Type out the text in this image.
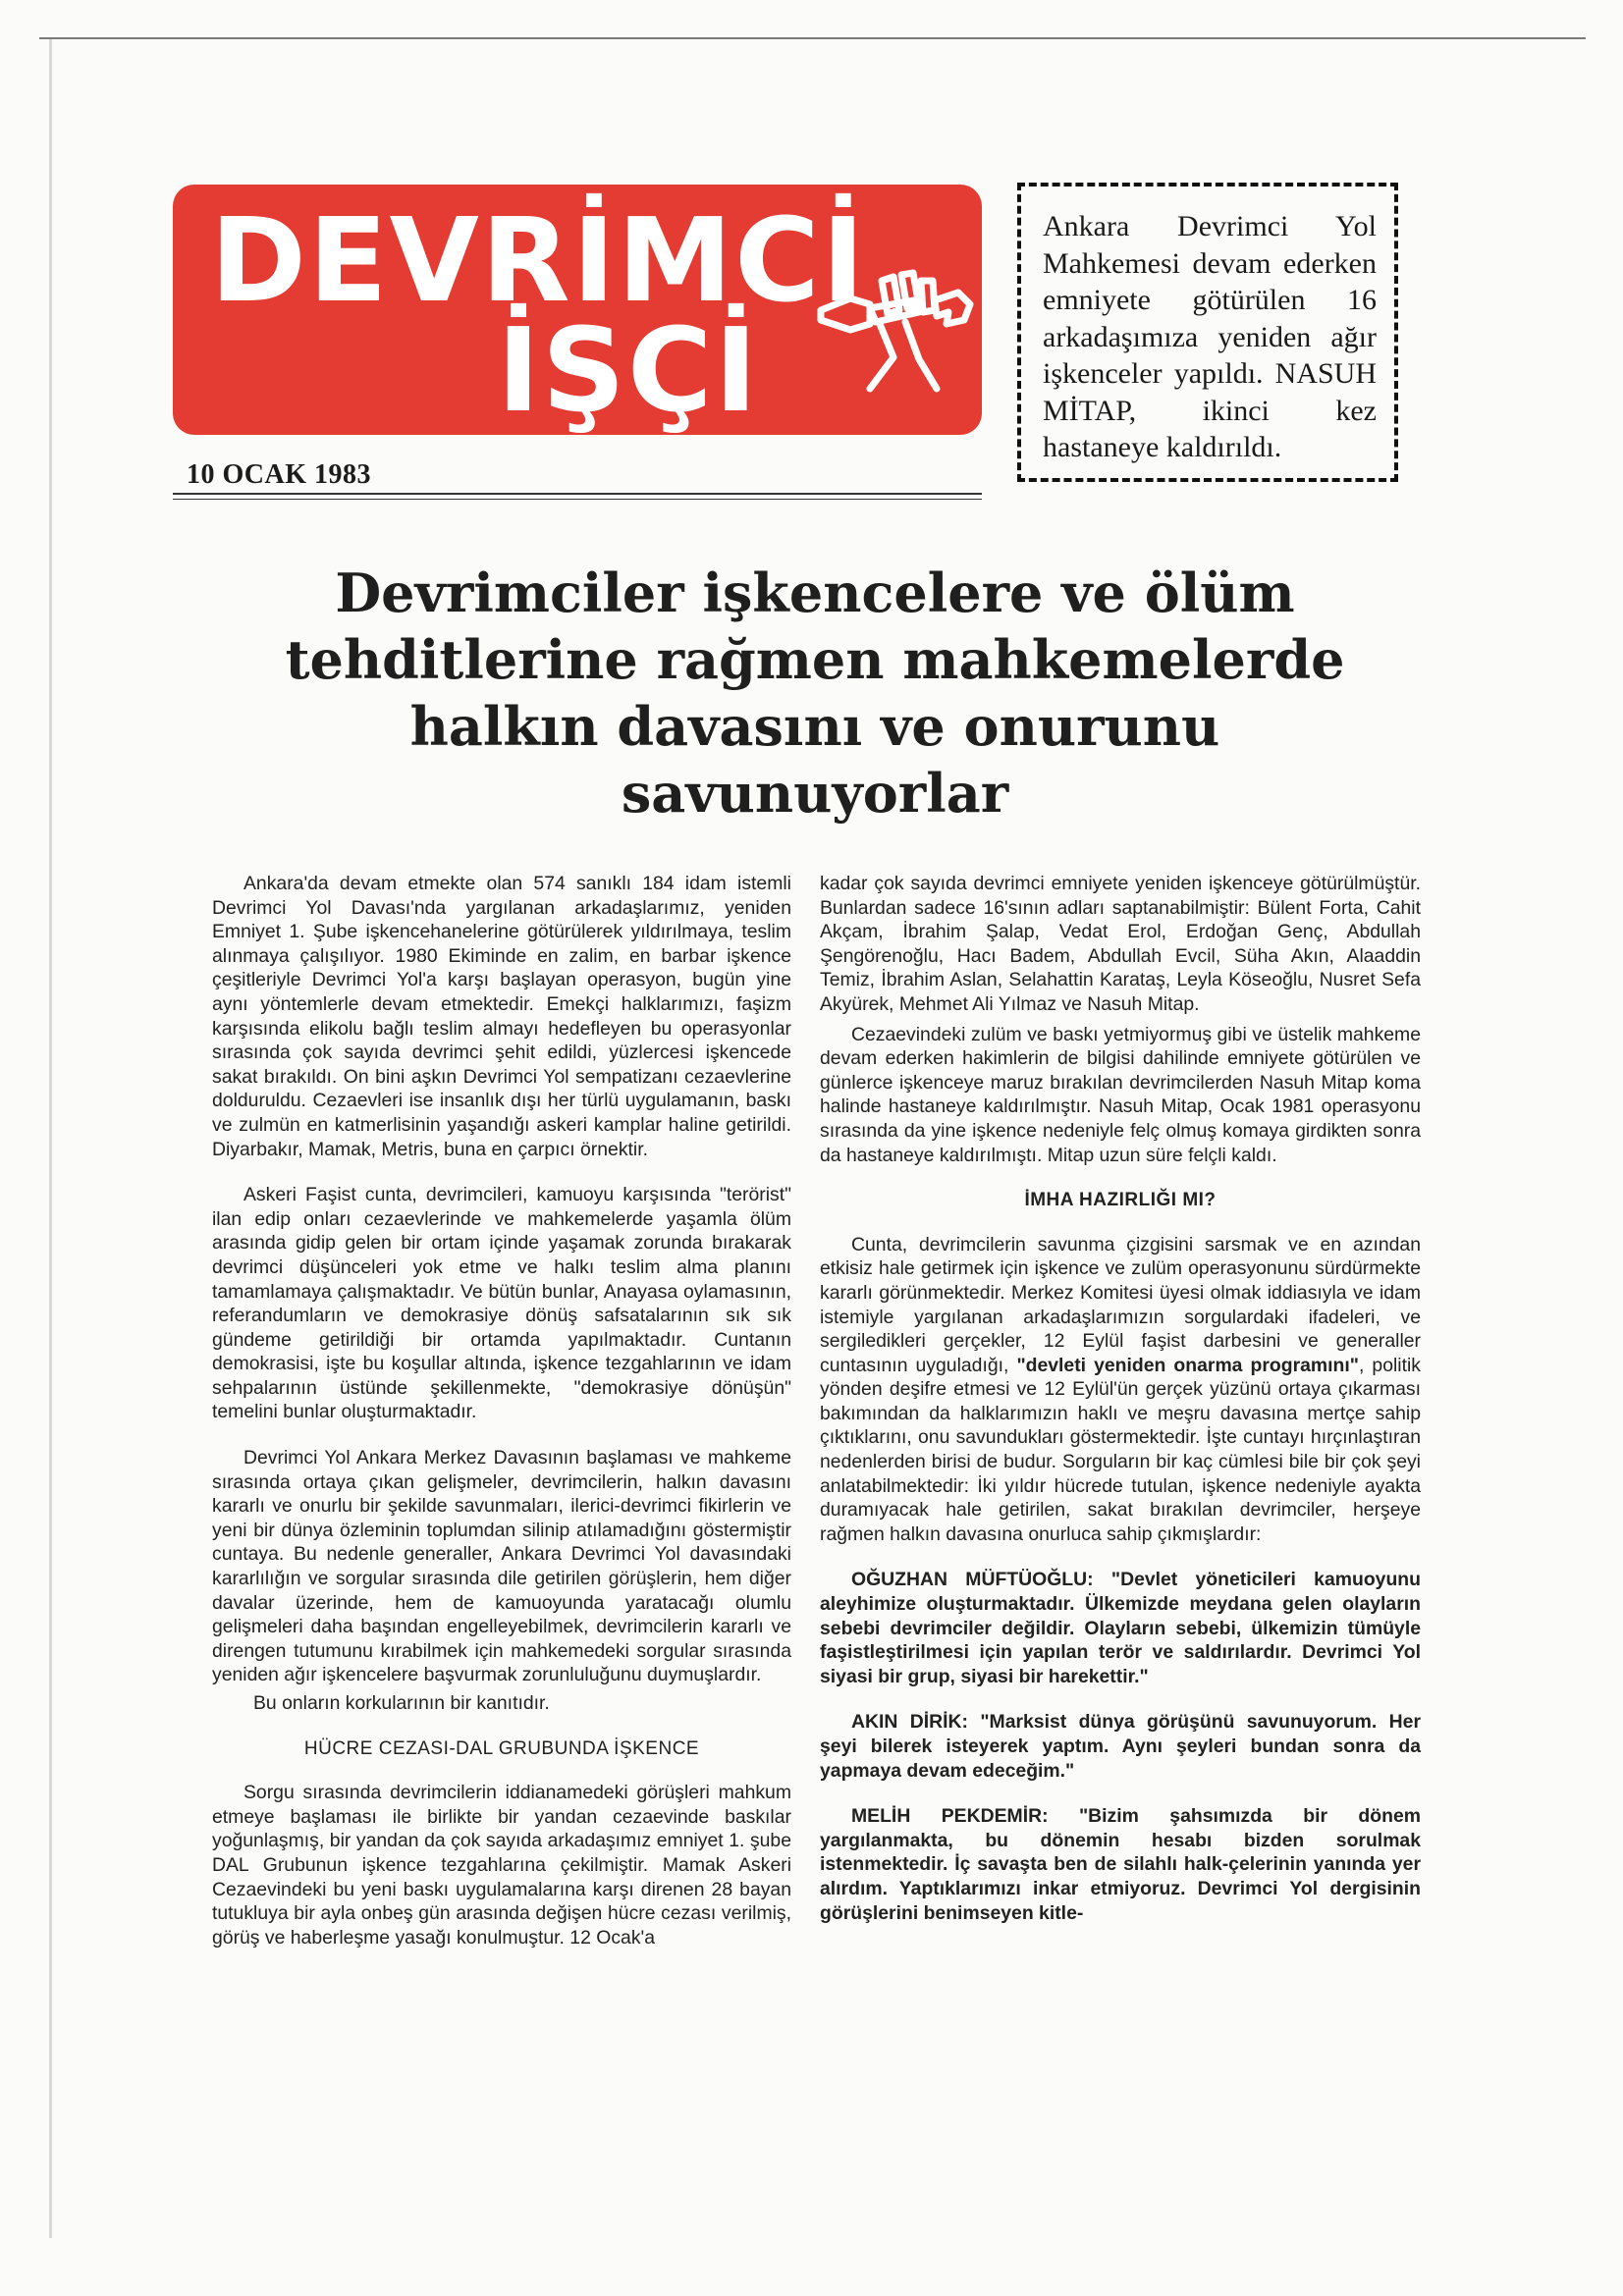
DEVRİMCİ
İŞÇİ
10 OCAK 1983

Ankara Devrimci Yol Mahkemesi devam ederken emniyete götürülen 16 arkadaşımıza yeniden ağır işkenceler yapıldı. NASUH MİTAP, ikinci kez hastaneye kaldırıldı.

Devrimciler işkencelere ve ölüm
tehditlerine rağmen mahkemelerde
halkın davasını ve onurunu
savunuyorlar

Ankara'da devam etmekte olan 574 sanıklı 184 idam istemli Devrimci Yol Davası'nda yargılanan arkadaşlarımız, yeniden Emniyet 1. Şube işkencehanelerine götürülerek yıldırılmaya, teslim alınmaya çalışılıyor. 1980 Ekiminde en zalim, en barbar işkence çeşitleriyle Devrimci Yol'a karşı başlayan operasyon, bugün yine aynı yöntemlerle devam etmektedir. Emekçi halklarımızı, faşizm karşısında elikolu bağlı teslim almayı hedefleyen bu operasyonlar sırasında çok sayıda devrimci şehit edildi, yüzlercesi işkencede sakat bırakıldı. On bini aşkın Devrimci Yol sempatizanı cezaevlerine dolduruldu. Cezaevleri ise insanlık dışı her türlü uygulamanın, baskı ve zulmün en katmerlisinin yaşandığı askeri kamplar haline getirildi. Diyarbakır, Mamak, Metris, buna en çarpıcı örnektir.

Askeri Faşist cunta, devrimcileri, kamuoyu karşısında "terörist" ilan edip onları cezaevlerinde ve mahkemelerde yaşamla ölüm arasında gidip gelen bir ortam içinde yaşamak zorunda bırakarak devrimci düşünceleri yok etme ve halkı teslim alma planını tamamlamaya çalışmaktadır. Ve bütün bunlar, Anayasa oylamasının, referandumların ve demokrasiye dönüş safsatalarının sık sık gündeme getirildiği bir ortamda yapılmaktadır. Cuntanın demokrasisi, işte bu koşullar altında, işkence tezgahlarının ve idam sehpalarının üstünde şekillenmekte, "demokrasiye dönüşün" temelini bunlar oluşturmaktadır.

Devrimci Yol Ankara Merkez Davasının başlaması ve mahkeme sırasında ortaya çıkan gelişmeler, devrimcilerin, halkın davasını kararlı ve onurlu bir şekilde savunmaları, ilerici-devrimci fikirlerin ve yeni bir dünya özleminin toplumdan silinip atılamadığını göstermiştir cuntaya. Bu nedenle generaller, Ankara Devrimci Yol davasındaki kararlılığın ve sorgular sırasında dile getirilen görüşlerin, hem diğer davalar üzerinde, hem de kamuoyunda yaratacağı olumlu gelişmeleri daha başından engelleyebilmek, devrimcilerin kararlı ve direngen tutumunu kırabilmek için mahkemedeki sorgular sırasında yeniden ağır işkencelere başvurmak zorunluluğunu duymuşlardır.

Bu onların korkularının bir kanıtıdır.

HÜCRE CEZASI-DAL GRUBUNDA İŞKENCE

Sorgu sırasında devrimcilerin iddianamedeki görüşleri mahkum etmeye başlaması ile birlikte bir yandan cezaevinde baskılar yoğunlaşmış, bir yandan da çok sayıda arkadaşımız emniyet 1. şube DAL Grubunun işkence tezgahlarına çekilmiştir. Mamak Askeri Cezaevindeki bu yeni baskı uygulamalarına karşı direnen 28 bayan tutukluya bir ayla onbeş gün arasında değişen hücre cezası verilmiş, görüş ve haberleşme yasağı konulmuştur. 12 Ocak'a

kadar çok sayıda devrimci emniyete yeniden işkenceye götürülmüştür. Bunlardan sadece 16'sının adları saptanabilmiştir: Bülent Forta, Cahit Akçam, İbrahim Şalap, Vedat Erol, Erdoğan Genç, Abdullah Şengörenoğlu, Hacı Badem, Abdullah Evcil, Süha Akın, Alaaddin Temiz, İbrahim Aslan, Selahattin Karataş, Leyla Köseoğlu, Nusret Sefa Akyürek, Mehmet Ali Yılmaz ve Nasuh Mitap.

Cezaevindeki zulüm ve baskı yetmiyormuş gibi ve üstelik mahkeme devam ederken hakimlerin de bilgisi dahilinde emniyete götürülen ve günlerce işkenceye maruz bırakılan devrimcilerden Nasuh Mitap koma halinde hastaneye kaldırılmıştır. Nasuh Mitap, Ocak 1981 operasyonu sırasında da yine işkence nedeniyle felç olmuş komaya girdikten sonra da hastaneye kaldırılmıştı. Mitap uzun süre felçli kaldı.

İMHA HAZIRLIĞI MI?

Cunta, devrimcilerin savunma çizgisini sarsmak ve en azından etkisiz hale getirmek için işkence ve zulüm operasyonunu sürdürmekte kararlı görünmektedir. Merkez Komitesi üyesi olmak iddiasıyla ve idam istemiyle yargılanan arkadaşlarımızın sorgulardaki ifadeleri, ve sergiledikleri gerçekler, 12 Eylül faşist darbesini ve generaller cuntasının uyguladığı, "devleti yeniden onarma programını", politik yönden deşifre etmesi ve 12 Eylül'ün gerçek yüzünü ortaya çıkarması bakımından da halklarımızın haklı ve meşru davasına mertçe sahip çıktıklarını, onu savundukları göstermektedir. İşte cuntayı hırçınlaştıran nedenlerden birisi de budur. Sorguların bir kaç cümlesi bile bir çok şeyi anlatabilmektedir: İki yıldır hücrede tutulan, işkence nedeniyle ayakta duramıyacak hale getirilen, sakat bırakılan devrimciler, herşeye rağmen halkın davasına onurluca sahip çıkmışlardır:

OĞUZHAN MÜFTÜOĞLU: "Devlet yöneticileri kamuoyunu aleyhimize oluşturmaktadır. Ülkemizde meydana gelen olayların sebebi devrimciler değildir. Olayların sebebi, ülkemizin tümüyle faşistleştirilmesi için yapılan terör ve saldırılardır. Devrimci Yol siyasi bir grup, siyasi bir harekettir."

AKIN DİRİK: "Marksist dünya görüşünü savunuyorum. Her şeyi bilerek isteyerek yaptım. Aynı şeyleri bundan sonra da yapmaya devam edeceğim."

MELİH PEKDEMİR: "Bizim şahsımızda bir dönem yargılanmakta, bu dönemin hesabı bizden sorulmak istenmektedir. İç savaşta ben de silahlı halk-çelerinin yanında yer alırdım. Yaptıklarımızı inkar etmiyoruz. Devrimci Yol dergisinin görüşlerini benimseyen kitle-
